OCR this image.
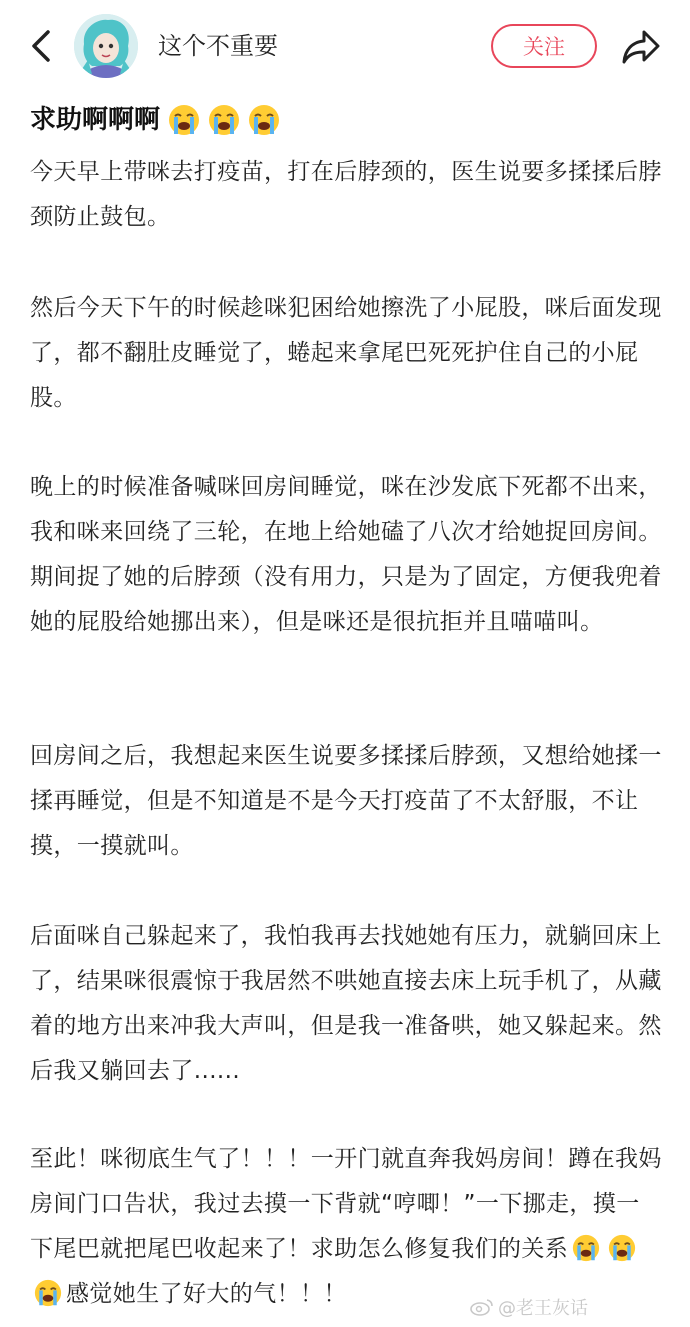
这个不重要	关注
求助啊啊啊

今天早上带咪去打疫苗，打在后脖颈的，医生说要多揉揉后脖颈防止鼓包。

然后今天下午的时候趁咪犯困给她擦洗了小屁股，咪后面发现了，都不翻肚皮睡觉了，蜷起来拿尾巴死死护住自己的小屁股。

晚上的时候准备喊咪回房间睡觉，咪在沙发底下死都不出来，我和咪来回绕了三轮，在地上给她磕了八次才给她捉回房间。期间捉了她的后脖颈（没有用力，只是为了固定，方便我兜着她的屁股给她挪出来），但是咪还是很抗拒并且喵喵叫。

回房间之后，我想起来医生说要多揉揉后脖颈，又想给她揉一揉再睡觉，但是不知道是不是今天打疫苗了不太舒服，不让摸，一摸就叫。

后面咪自己躲起来了，我怕我再去找她她有压力，就躺回床上了，结果咪很震惊于我居然不哄她直接去床上玩手机了，从藏着的地方出来冲我大声叫，但是我一准备哄，她又躲起来。然后我又躺回去了......

至此！咪彻底生气了！！！一开门就直奔我妈房间！蹲在我妈房间门口告状，我过去摸一下背就“哼唧！”一下挪走，摸一下尾巴就把尾巴收起来了！求助怎么修复我们的关系感觉她生了好大的气！！！

@老王灰话
